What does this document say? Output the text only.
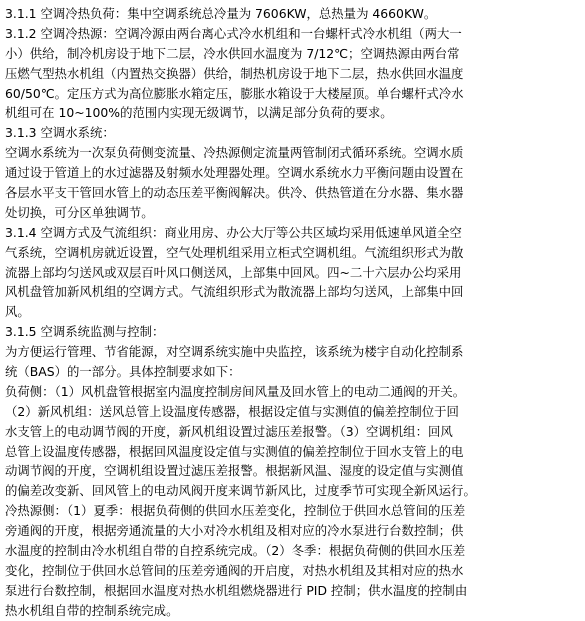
3.1.1 空调冷热负荷：集中空调系统总冷量为 7606KW，总热量为 4660KW。
3.1.2 空调冷热源：空调冷源由两台离心式冷水机组和一台螺杆式冷水机组（两大一
小）供给，制冷机房设于地下二层，冷水供回水温度为 7/12℃；空调热源由两台常
压燃气型热水机组（内置热交换器）供给，制热机房设于地下二层，热水供回水温度
60/50℃。定压方式为高位膨胀水箱定压，膨胀水箱设于大楼屋顶。单台螺杆式冷水
机组可在 10~100%的范围内实现无级调节，以满足部分负荷的要求。
3.1.3 空调水系统：
空调水系统为一次泵负荷侧变流量、冷热源侧定流量两管制闭式循环系统。空调水质
通过设于管道上的水过滤器及射频水处理器处理。空调水系统水力平衡问题由设置在
各层水平支干管回水管上的动态压差平衡阀解决。供冷、供热管道在分水器、集水器
处切换，可分区单独调节。
3.1.4 空调方式及气流组织：商业用房、办公大厅等公共区域均采用低速单风道全空
气系统，空调机房就近设置，空气处理机组采用立柜式空调机组。气流组织形式为散
流器上部均匀送风或双层百叶风口侧送风，上部集中回风。四~二十六层办公均采用
风机盘管加新风机组的空调方式。气流组织形式为散流器上部均匀送风，上部集中回
风。
3.1.5 空调系统监测与控制：
为方便运行管理、节省能源，对空调系统实施中央监控，该系统为楼宇自动化控制系
统（BAS）的一部分。具体控制要求如下：
负荷侧：（1）风机盘管根据室内温度控制房间风量及回水管上的电动二通阀的开关。
（2）新风机组：送风总管上设温度传感器，根据设定值与实测值的偏差控制位于回
水支管上的电动调节阀的开度，新风机组设置过滤压差报警。（3）空调机组：回风
总管上设温度传感器，根据回风温度设定值与实测值的偏差控制位于回水支管上的电
动调节阀的开度，空调机组设置过滤压差报警。根据新风温、湿度的设定值与实测值
的偏差改变新、回风管上的电动风阀开度来调节新风比，过度季节可实现全新风运行。
冷热源侧：（1）夏季：根据负荷侧的供回水压差变化，控制位于供回水总管间的压差
旁通阀的开度，根据旁通流量的大小对冷水机组及相对应的冷水泵进行台数控制；供
水温度的控制由冷水机组自带的自控系统完成。（2）冬季：根据负荷侧的供回水压差
变化，控制位于供回水总管间的压差旁通阀的开启度，对热水机组及其相对应的热水
泵进行台数控制，根据回水温度对热水机组燃烧器进行 PID 控制；供水温度的控制由
热水机组自带的控制系统完成。
